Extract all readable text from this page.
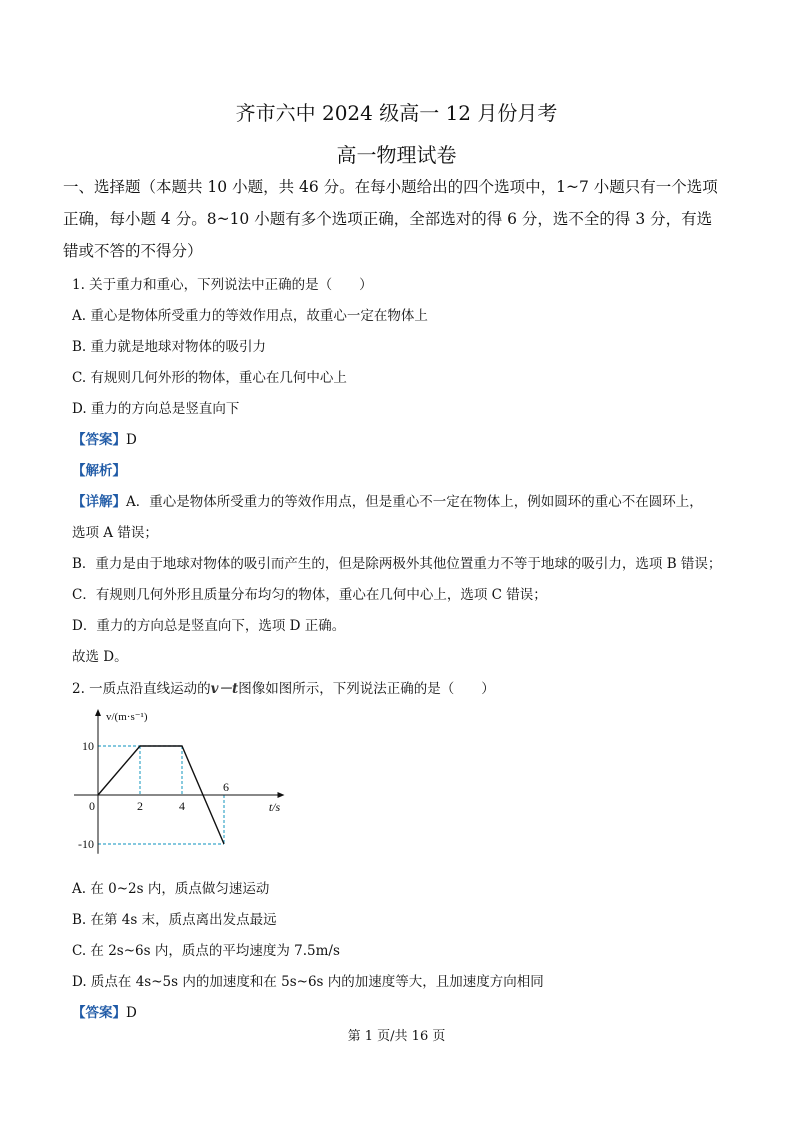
齐市六中 2024 级高一 12 月份月考
高一物理试卷
一、选择题（本题共 10 小题，共 46 分。在每小题给出的四个选项中，1~7 小题只有一个选项
正确，每小题 4 分。8~10 小题有多个选项正确，全部选对的得 6 分，选不全的得 3 分，有选
错或不答的不得分）
1. 关于重力和重心，下列说法中正确的是（　　）
A. 重心是物体所受重力的等效作用点，故重心一定在物体上
B. 重力就是地球对物体的吸引力
C. 有规则几何外形的物体，重心在几何中心上
D. 重力的方向总是竖直向下
【答案】D
【解析】
【详解】A．重心是物体所受重力的等效作用点，但是重心不一定在物体上，例如圆环的重心不在圆环上，
选项 A 错误；
B．重力是由于地球对物体的吸引而产生的，但是除两极外其他位置重力不等于地球的吸引力，选项 B 错误；
C．有规则几何外形且质量分布均匀的物体，重心在几何中心上，选项 C 错误；
D．重力的方向总是竖直向下，选项 D 正确。
故选 D。
2. 一质点沿直线运动的v－t图像如图所示，下列说法正确的是（　　）
v/(m·s⁻¹)
t/s
0	2	4
6
10
-10
A. 在 0~2s 内，质点做匀速运动
B. 在第 4s 末，质点离出发点最远
C. 在 2s~6s 内，质点的平均速度为 7.5m/s
D. 质点在 4s~5s 内的加速度和在 5s~6s 内的加速度等大，且加速度方向相同
【答案】D
第 1 页/共 16 页
